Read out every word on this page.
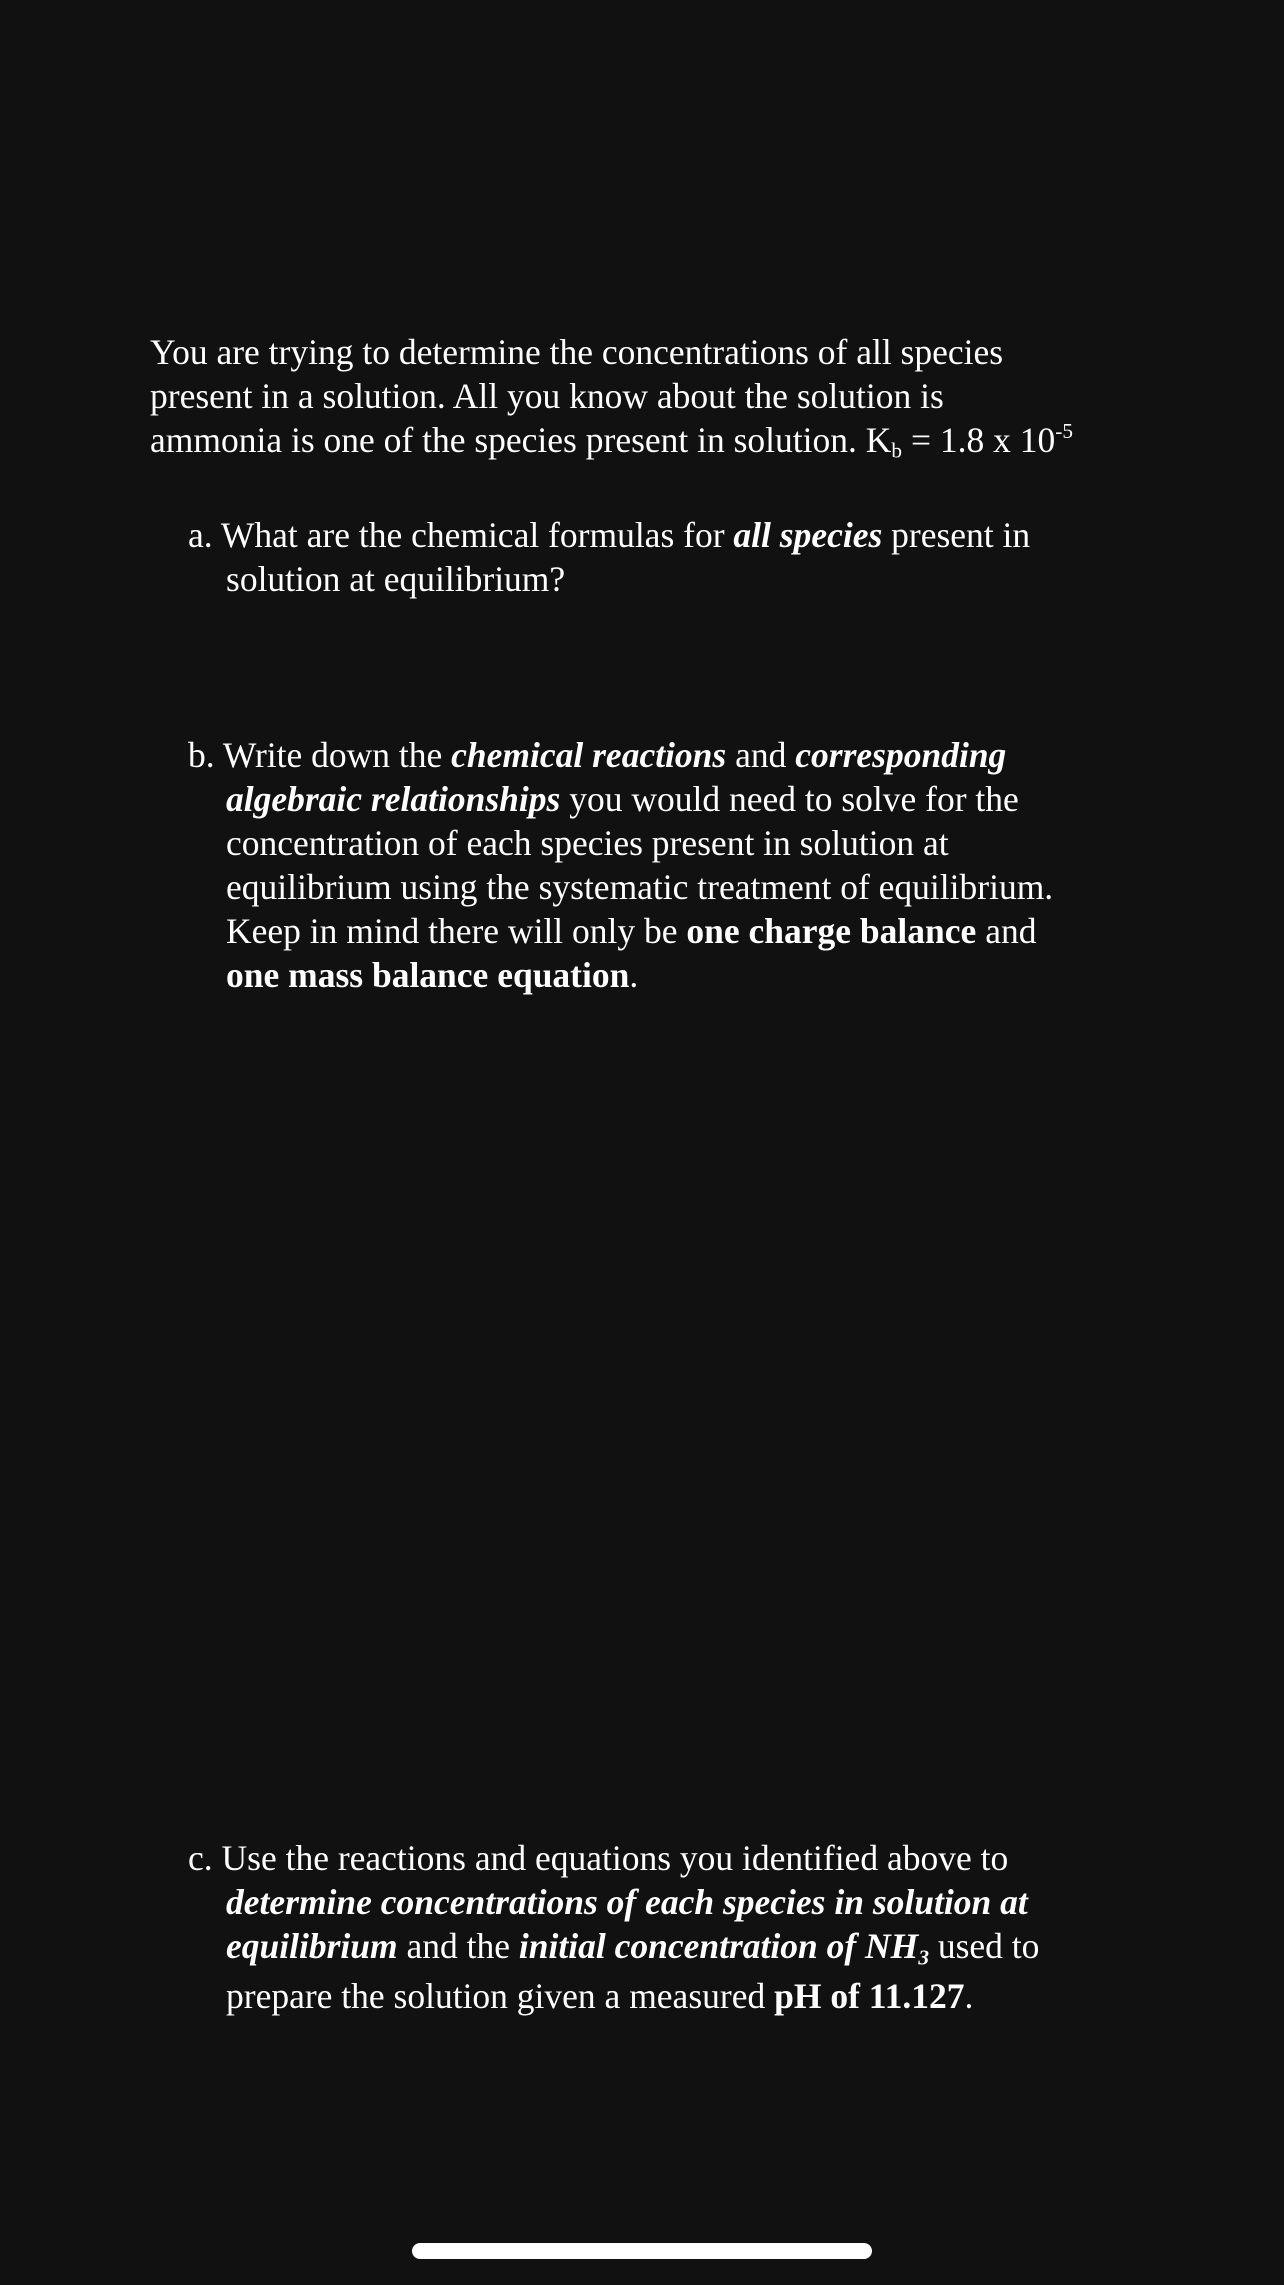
You are trying to determine the concentrations of all species
present in a solution. All you know about the solution is
ammonia is one of the species present in solution. $K_b = 1.8$ x $10^{-5}$
a. What are the chemical formulas for all species present in
solution at equilibrium?
b. Write down the chemical reactions and corresponding
algebraic relationships you would need to solve for the
concentration of each species present in solution at
equilibrium using the systematic treatment of equilibrium.
Keep in mind there will only be one charge balance and
one mass balance equation.
c. Use the reactions and equations you identified above to
determine concentrations of each species in solution at
equilibrium and the initial concentration of $NH_3$ used to
prepare the solution given a measured pH of 11.127.
